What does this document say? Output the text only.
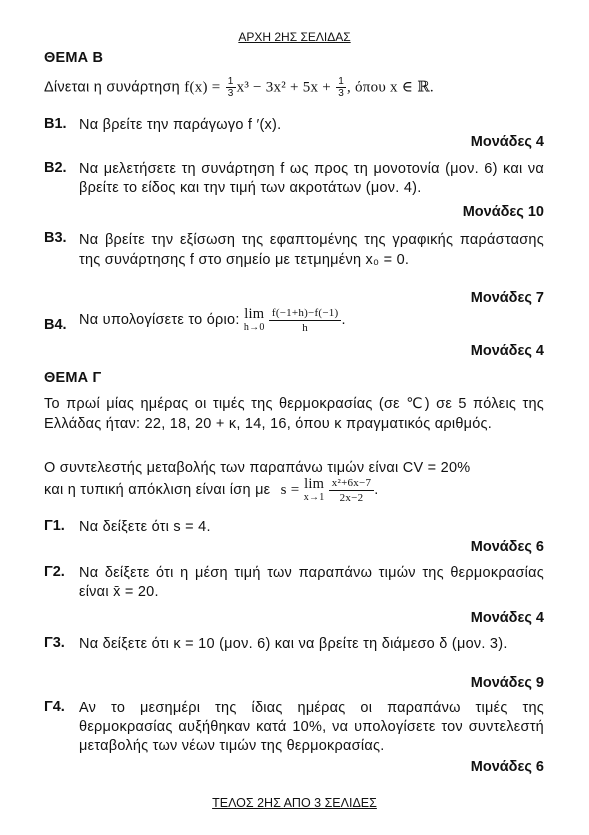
ΑΡΧΗ 2ΗΣ ΣΕΛΙΔΑΣ
ΘΕΜΑ Β
Δίνεται η συνάρτηση $f(x) = \frac{1}{3} x^3 - 3x^2 + 5x + \frac{1}{3}$ , όπου x ∈ ℝ.
Β1. Να βρείτε την παράγωγο f ′(x).
Μονάδες 4
Β2. Να μελετήσετε τη συνάρτηση f ως προς τη μονοτονία (μον. 6) και να βρείτε το είδος και την τιμή των ακροτάτων (μον. 4).
Μονάδες 10
Β3. Να βρείτε την εξίσωση της εφαπτομένης της γραφικής παράστασης της συνάρτησης f στο σημείο με τετμημένη x₀ = 0.
Μονάδες 7
Β4. Να υπολογίσετε το όριο: lim
h→0
$\frac{f(-1+h)-f(-1)}{h}$ .
Μονάδες 4
ΘΕΜΑ Γ
Το πρωί μίας ημέρας οι τιμές της θερμοκρασίας (σε ℃) σε 5 πόλεις της Ελλάδας ήταν: 22, 18, 20 + κ, 14, 16, όπου κ πραγματικός αριθμός.
Ο συντελεστής μεταβολής των παραπάνω τιμών είναι CV = 20%
και η τυπική απόκλιση είναι ίση με s = lim
x→1
$\frac{\text{x²+6x−7}}{2x-2}$ .
Γ1. Να δείξετε ότι s = 4.
Μονάδες 6
Γ2. Να δείξετε ότι η μέση τιμή των παραπάνω τιμών της θερμοκρασίας είναι x̄ = 20.
Μονάδες 4
Γ3. Να δείξετε ότι κ = 10 (μον. 6) και να βρείτε τη διάμεσο δ (μον. 3).
Μονάδες 9
Γ4. Αν το μεσημέρι της ίδιας ημέρας οι παραπάνω τιμές της θερμοκρασίας αυξήθηκαν κατά 10%, να υπολογίσετε τον συντελεστή μεταβολής των νέων τιμών της θερμοκρασίας.
Μονάδες 6
ΤΕΛΟΣ 2ΗΣ ΑΠΟ 3 ΣΕΛΙΔΕΣ
